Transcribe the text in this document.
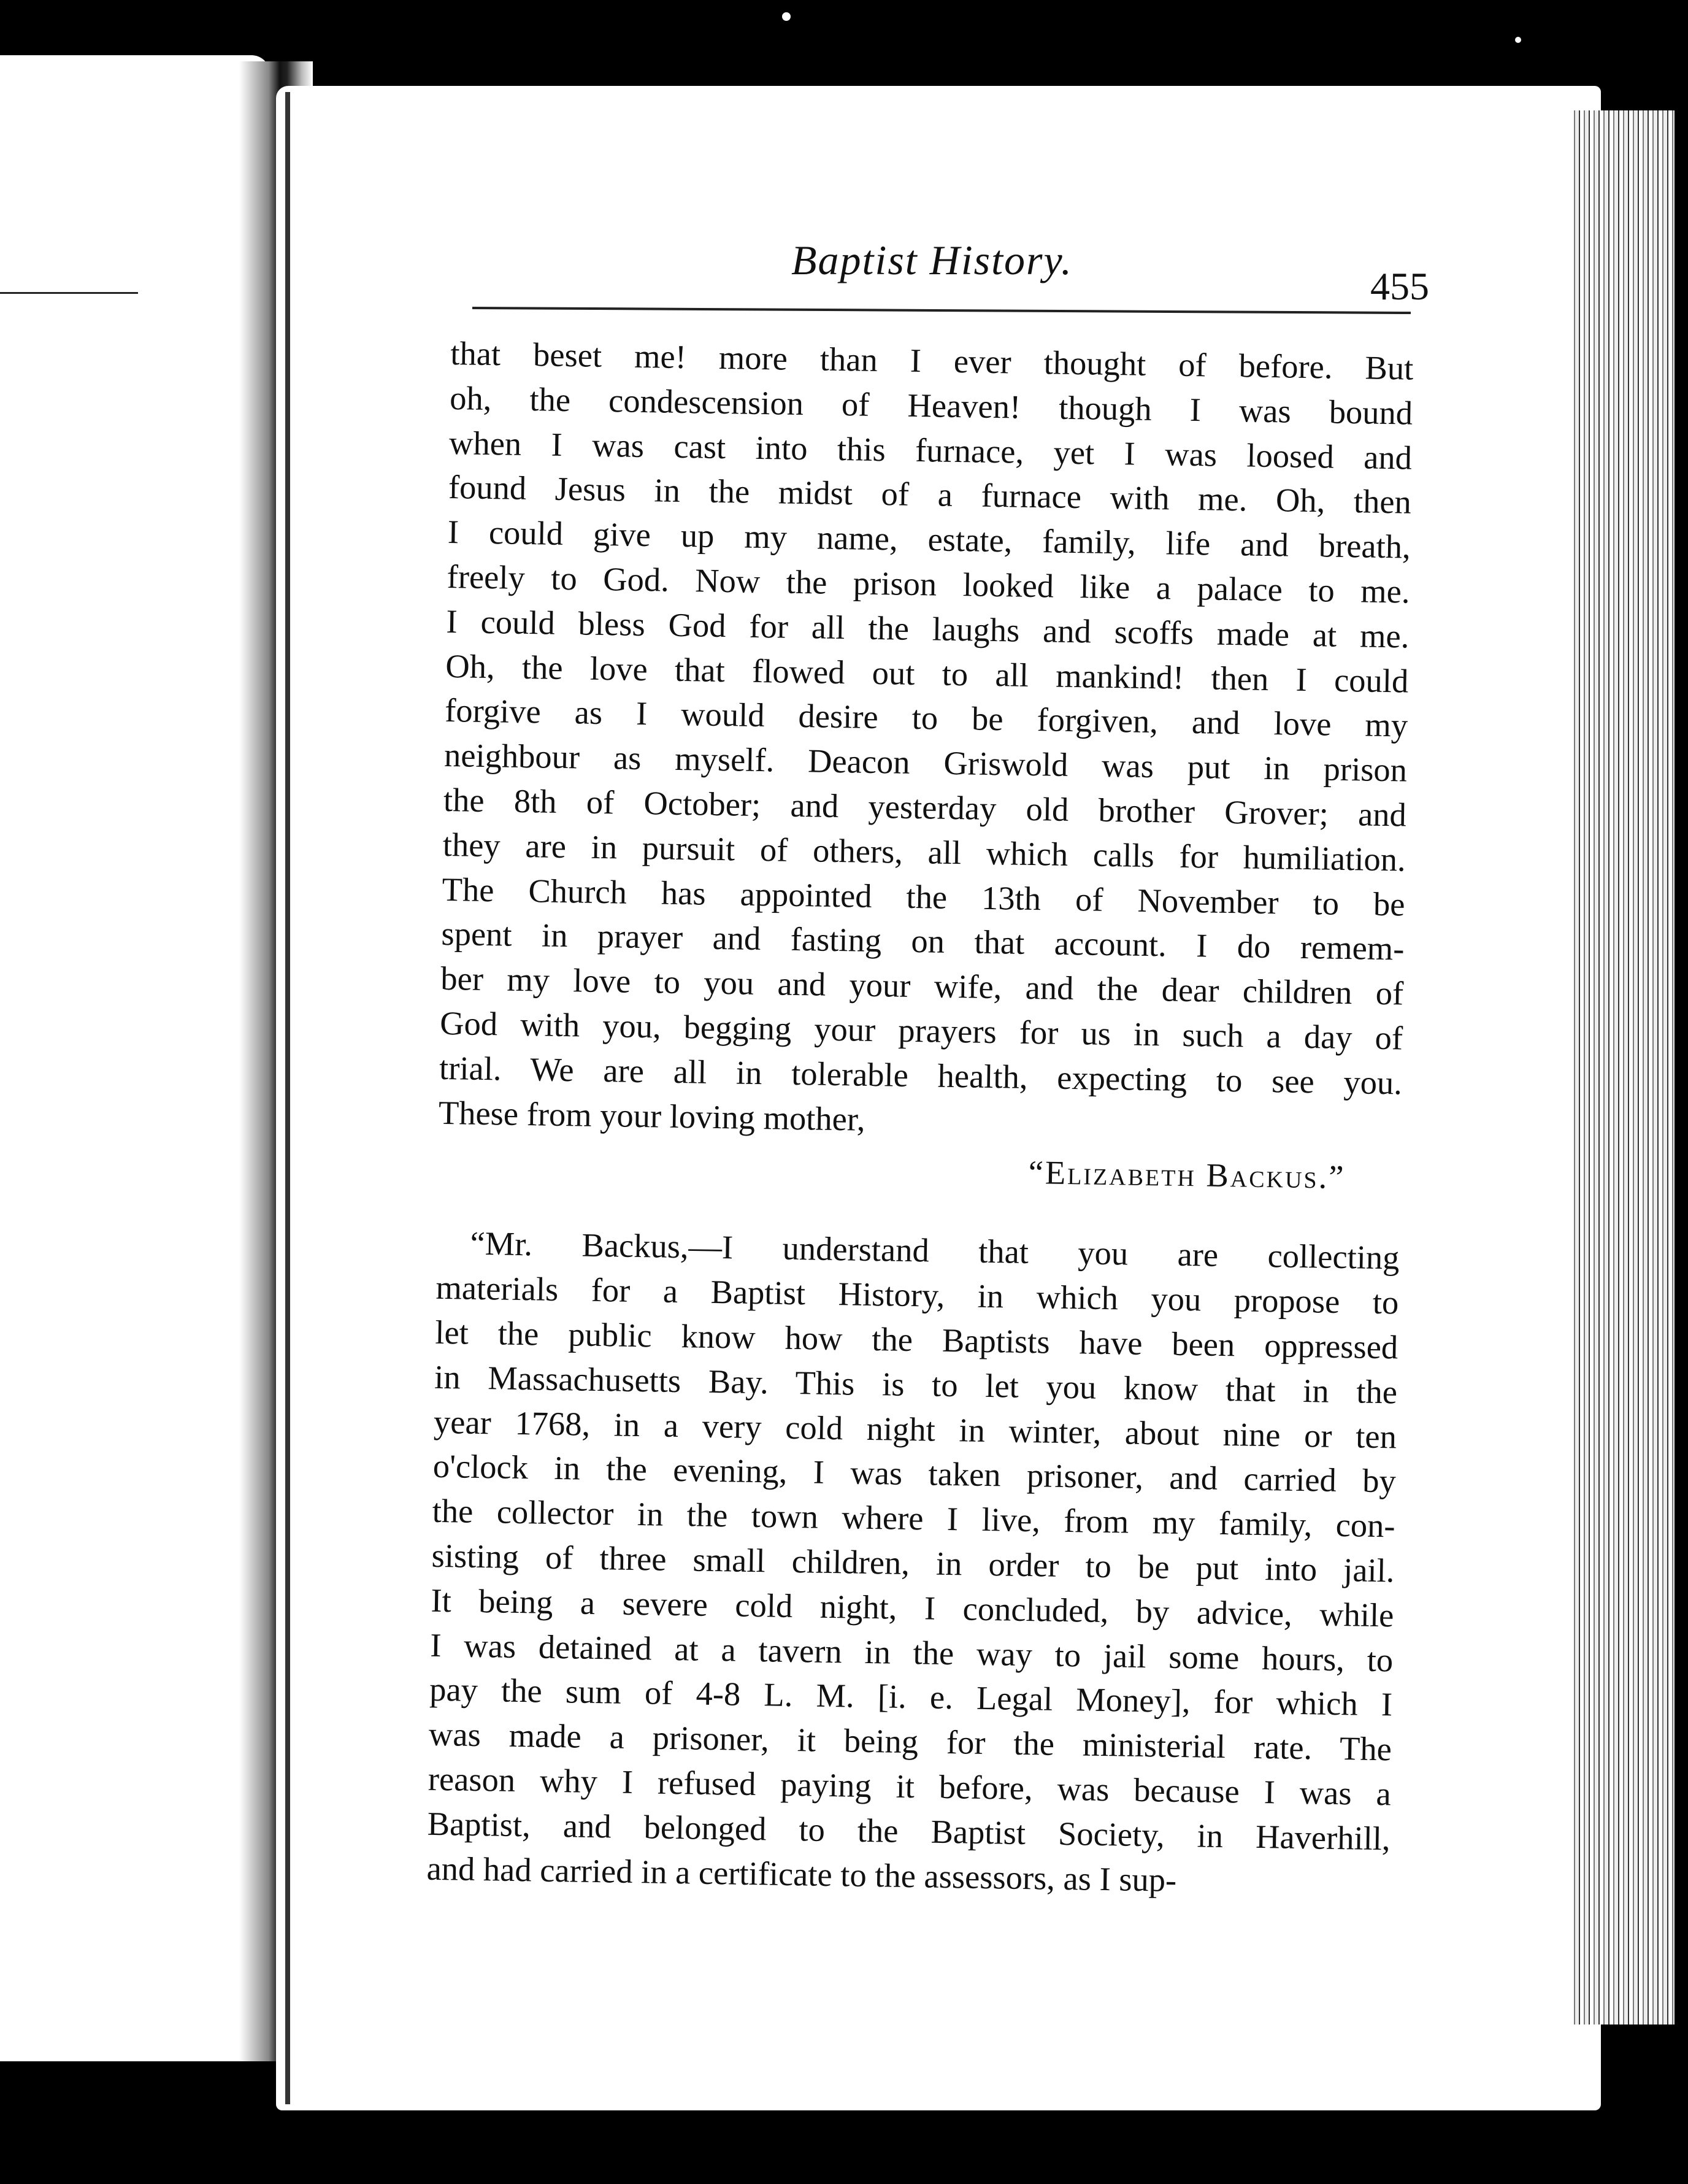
Baptist History.
455
that beset me! more than I ever thought of before. But
oh, the condescension of Heaven! though I was bound
when I was cast into this furnace, yet I was loosed and
found Jesus in the midst of a furnace with me. Oh, then
I could give up my name, estate, family, life and breath,
freely to God. Now the prison looked like a palace to me.
I could bless God for all the laughs and scoffs made at me.
Oh, the love that flowed out to all mankind! then I could
forgive as I would desire to be forgiven, and love my
neighbour as myself. Deacon Griswold was put in prison
the 8th of October; and yesterday old brother Grover; and
they are in pursuit of others, all which calls for humiliation.
The Church has appointed the 13th of November to be
spent in prayer and fasting on that account. I do remem-
ber my love to you and your wife, and the dear children of
God with you, begging your prayers for us in such a day of
trial. We are all in tolerable health, expecting to see you.
These from your loving mother,
“Elizabeth Backus.”
“Mr. Backus,—I understand that you are collecting
materials for a Baptist History, in which you propose to
let the public know how the Baptists have been oppressed
in Massachusetts Bay. This is to let you know that in the
year 1768, in a very cold night in winter, about nine or ten
o'clock in the evening, I was taken prisoner, and carried by
the collector in the town where I live, from my family, con-
sisting of three small children, in order to be put into jail.
It being a severe cold night, I concluded, by advice, while
I was detained at a tavern in the way to jail some hours, to
pay the sum of 4-8 L. M. [i. e. Legal Money], for which I
was made a prisoner, it being for the ministerial rate. The
reason why I refused paying it before, was because I was a
Baptist, and belonged to the Baptist Society, in Haverhill,
and had carried in a certificate to the assessors, as I sup-
